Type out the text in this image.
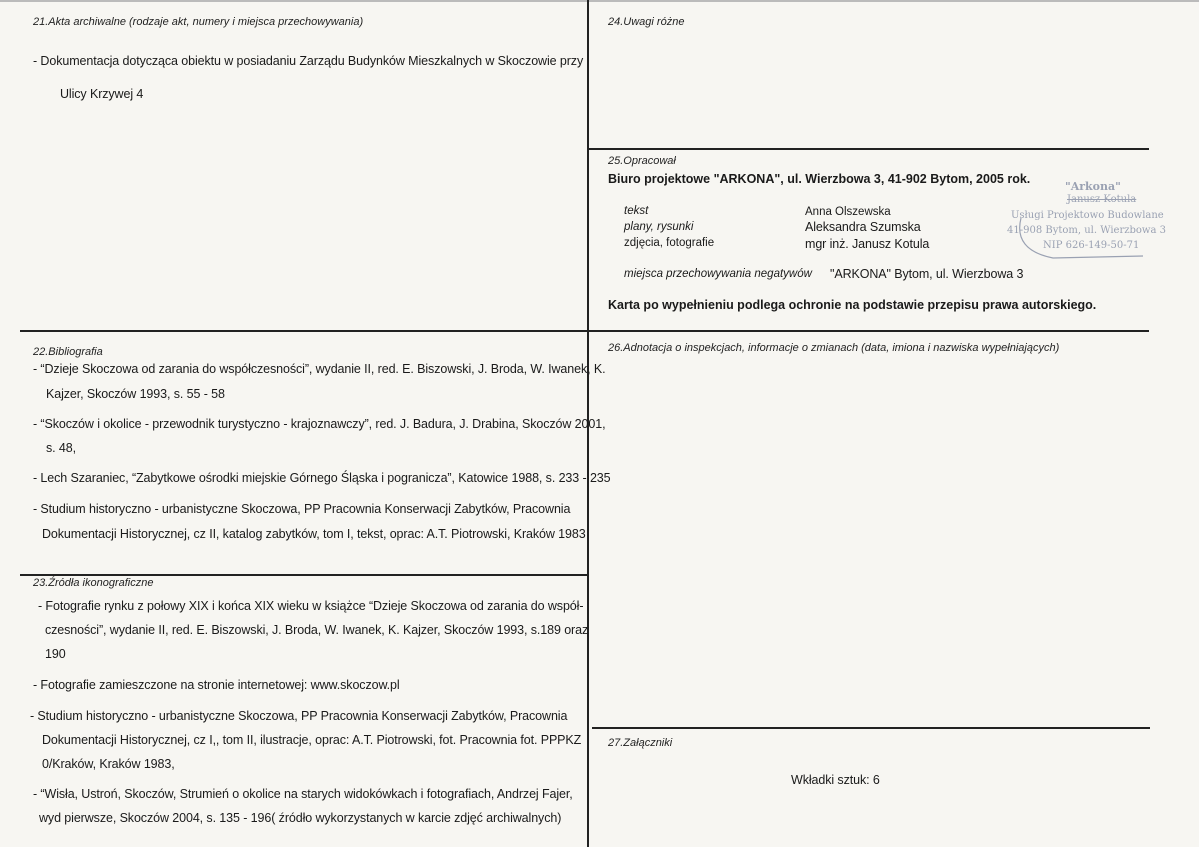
21.Akta archiwalne (rodzaje akt, numery i miejsca przechowywania)
- Dokumentacja dotycząca obiektu w posiadaniu Zarządu Budynków Mieszkalnych w Skoczowie przy
Ulicy Krzywej 4
22.Bibliografia
- “Dzieje Skoczowa od zarania do współczesności”, wydanie II, red. E. Biszowski, J. Broda, W. Iwanek, K.
Kajzer, Skoczów 1993, s. 55 - 58
- “Skoczów i okolice - przewodnik turystyczno - krajoznawczy”, red. J. Badura, J. Drabina, Skoczów 2001,
s. 48,
- Lech Szaraniec, “Zabytkowe ośrodki miejskie Górnego Śląska i pogranicza”, Katowice 1988, s. 233 - 235
- Studium historyczno - urbanistyczne Skoczowa, PP Pracownia Konserwacji Zabytków, Pracownia
Dokumentacji Historycznej, cz II, katalog zabytków, tom I, tekst, oprac: A.T. Piotrowski, Kraków 1983
23.Źródła ikonograficzne
- Fotografie rynku z połowy XIX i końca XIX wieku w książce “Dzieje Skoczowa od zarania do współ-
czesności”, wydanie II, red. E. Biszowski, J. Broda, W. Iwanek, K. Kajzer, Skoczów 1993, s.189 oraz
190
- Fotografie zamieszczone na stronie internetowej: www.skoczow.pl
- Studium historyczno - urbanistyczne Skoczowa, PP Pracownia Konserwacji Zabytków, Pracownia
Dokumentacji Historycznej, cz I,, tom II, ilustracje, oprac: A.T. Piotrowski, fot. Pracownia fot. PPPKZ
0/Kraków, Kraków 1983,
- “Wisła, Ustroń, Skoczów, Strumień o okolice na starych widokówkach i fotografiach, Andrzej Fajer,
wyd pierwsze, Skoczów 2004, s. 135 - 196( źródło wykorzystanych w karcie zdjęć archiwalnych)
24.Uwagi różne
25.Opracował
Biuro projektowe "ARKONA", ul. Wierzbowa 3, 41-902 Bytom, 2005 rok.
tekst	Anna Olszewska
plany, rysunki	Aleksandra Szumska
zdjęcia, fotografie	mgr inż. Janusz Kotula
miejsca przechowywania negatywów "ARKONA" Bytom, ul. Wierzbowa 3
Karta po wypełnieniu podlega ochronie na podstawie przepisu prawa autorskiego.
"Arkona"
Janusz Kotula
Usługi Projektowo Budowlane
41-908 Bytom, ul. Wierzbowa 3
NIP 626-149-50-71
26.Adnotacja o inspekcjach, informacje o zmianach (data, imiona i nazwiska wypełniających)
27.Załączniki
Wkładki sztuk: 6
